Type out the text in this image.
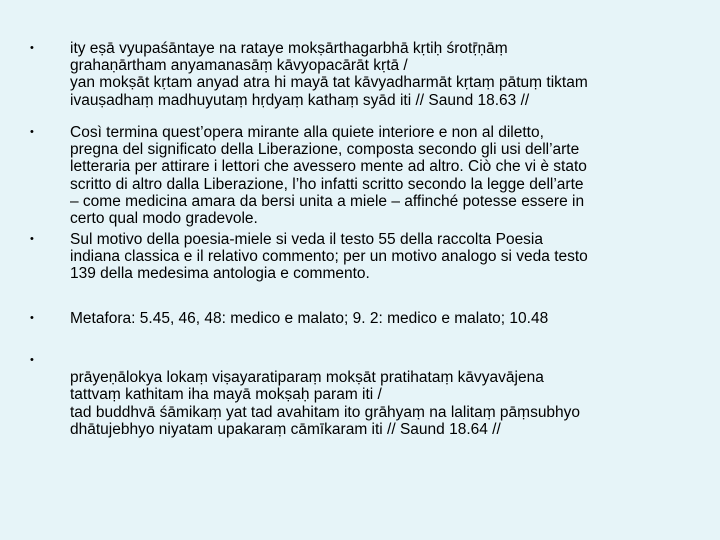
• ity eṣā vyupaśāntaye na rataye mokṣārthagarbhā kṛtiḥ śrotṝṇāṃ
grahaṇārtham anyamanasāṃ kāvyopacārāt kṛtā /
yan mokṣāt kṛtam anyad atra hi mayā tat kāvyadharmāt kṛtaṃ pātuṃ tiktam
ivauṣadhaṃ madhuyutaṃ hṛdyaṃ kathaṃ syād iti // Saund 18.63 //
• Così termina quest’opera mirante alla quiete interiore e non al diletto,
pregna del significato della Liberazione, composta secondo gli usi dell’arte
letteraria per attirare i lettori che avessero mente ad altro. Ciò che vi è stato
scritto di altro dalla Liberazione, l’ho infatti scritto secondo la legge dell’arte
– come medicina amara da bersi unita a miele – affinché potesse essere in
certo qual modo gradevole.
• Sul motivo della poesia-miele si veda il testo 55 della raccolta Poesia
indiana classica e il relativo commento; per un motivo analogo si veda testo
139 della medesima antologia e commento.
• Metafora: 5.45, 46, 48: medico e malato; 9. 2: medico e malato; 10.48
•

prāyeṇālokya lokaṃ viṣayaratiparaṃ mokṣāt pratihataṃ kāvyavājena
tattvaṃ kathitam iha mayā mokṣaḥ param iti /
tad buddhvā śāmikaṃ yat tad avahitam ito grāhyaṃ na lalitaṃ pāṃsubhyo
dhātujebhyo niyatam upakaraṃ cāmīkaram iti // Saund 18.64 //
